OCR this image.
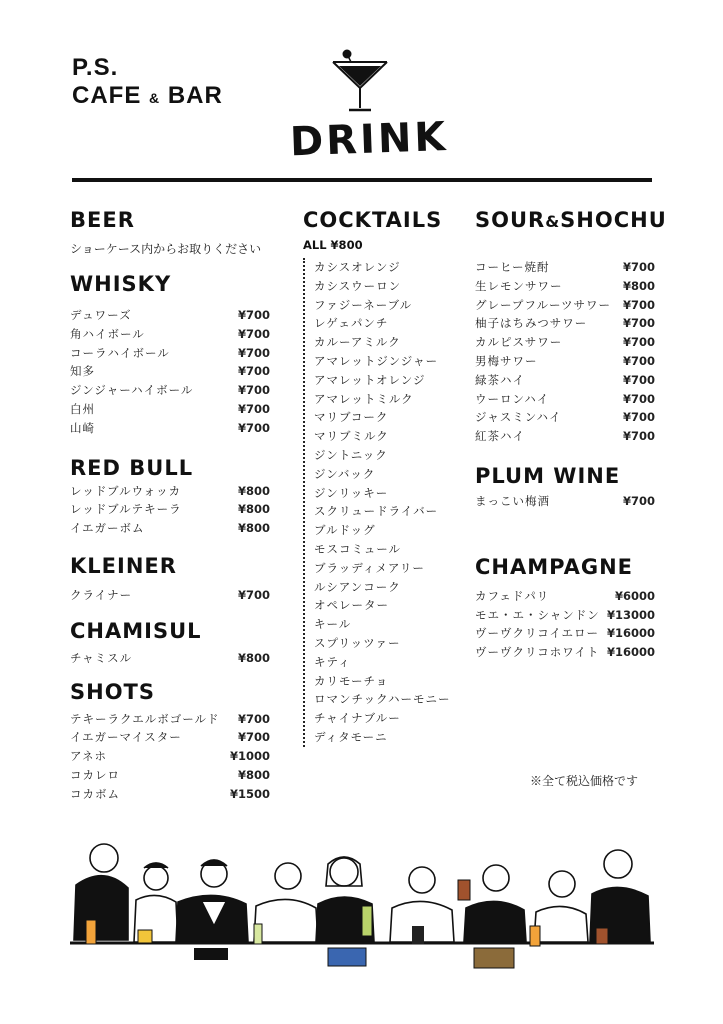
P.S.
CAFE & BAR
DRINK
BEER
ショーケース内からお取りください
WHISKY
デュワーズ	¥700
角ハイボール	¥700
コーラハイボール	¥700
知多	¥700
ジンジャーハイボール	¥700
白州	¥700
山崎	¥700
RED BULL
レッドブルウォッカ	¥800
レッドブルテキーラ	¥800
イエガーボム	¥800
KLEINER
クライナー	¥700
CHAMISUL
チャミスル	¥800
SHOTS
テキーラクエルボゴールド ¥700
イエガーマイスター	¥700
アネホ	¥1000
コカレロ	¥800
コカボム	¥1500
COCKTAILS
ALL ¥800
カシスオレンジ
カシスウーロン
ファジーネーブル
レゲェパンチ
カルーアミルク
アマレットジンジャー
アマレットオレンジ
アマレットミルク
マリブコーク
マリブミルク
ジントニック
ジンバック
ジンリッキー
スクリュードライバー
ブルドッグ
モスコミュール
ブラッディメアリー
ルシアンコーク
オペレーター
キール
スプリッツァー
キティ
カリモーチョ
ロマンチックハーモニー
チャイナブルー
ディタモーニ
SOUR&SHOCHU
コーヒー焼酎	¥700
生レモンサワー	¥800
グレープフルーツサワー ¥700
柚子はちみつサワー	¥700
カルピスサワー	¥700
男梅サワー	¥700
緑茶ハイ	¥700
ウーロンハイ	¥700
ジャスミンハイ	¥700
紅茶ハイ	¥700
PLUM WINE
まっこい梅酒	¥700
CHAMPAGNE
カフェドパリ	¥6000
モエ・エ・シャンドン ¥13000
ヴーヴクリコイエロー ¥16000
ヴーヴクリコホワイト ¥16000
※全て税込価格です
